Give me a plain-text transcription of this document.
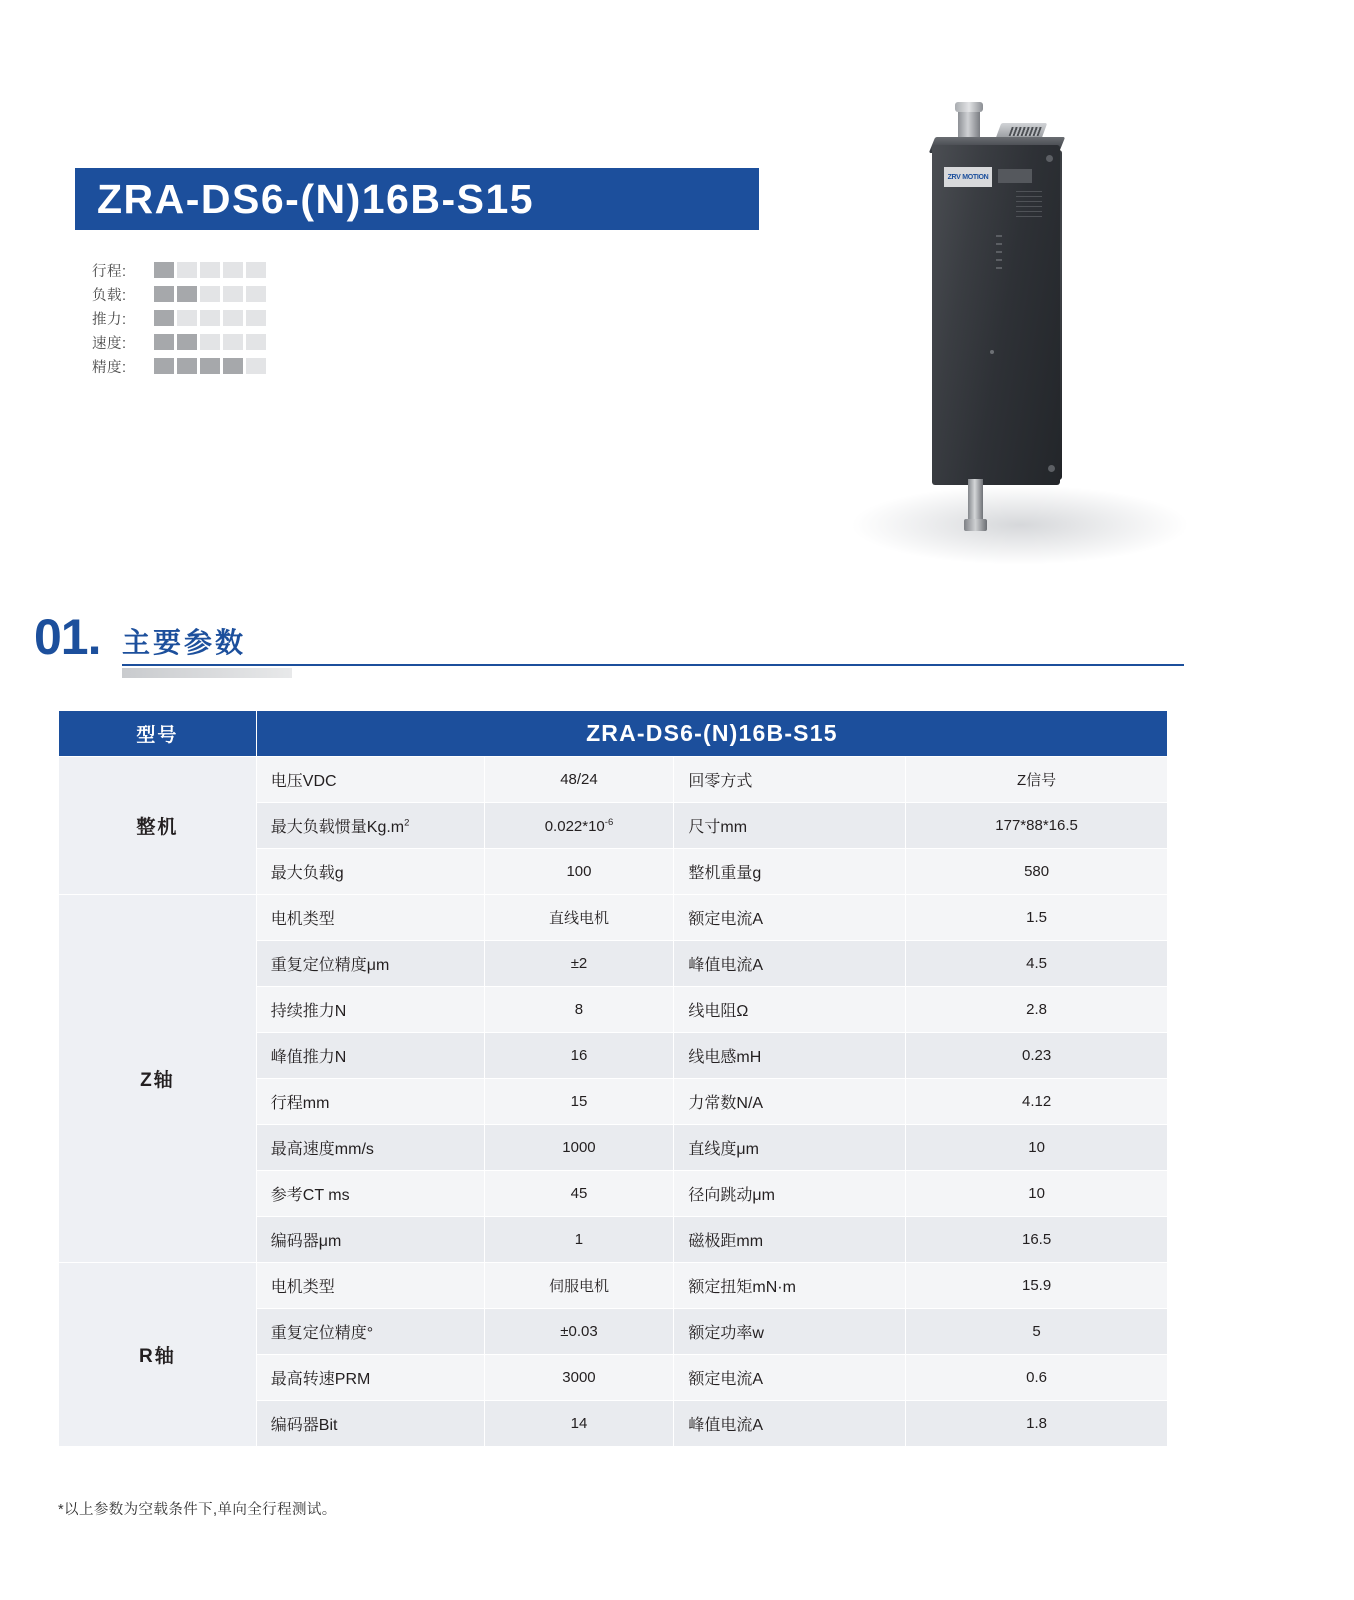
ZRA-DS6-(N)16B-S15
行程:
负载:
推力:
速度:
精度:
ZRV MOTION
01. 主要参数
型号	ZRA-DS6-(N)16B-S15			
整机	电压VDC	48/24	回零方式	Z信号
	最大负载惯量$Kg.m^2$	$0.022*10^{-6}$	尺寸mm	177*88*16.5
	最大负载g	100	整机重量g	580
Z轴	电机类型	直线电机	额定电流A	1.5
	重复定位精度μm	±2	峰值电流A	4.5
	持续推力N	8	线电阻Ω	2.8
	峰值推力N	16	线电感mH	0.23
	行程mm	15	力常数N/A	4.12
	最高速度mm/s	1000	直线度μm	10
	参考CT ms	45	径向跳动μm	10
	编码器μm	1	磁极距mm	16.5
R轴	电机类型	伺服电机	额定扭矩mN·m	15.9
	重复定位精度°	±0.03	额定功率w	5
	最高转速PRM	3000	额定电流A	0.6
	编码器Bit	14	峰值电流A	1.8
*以上参数为空载条件下,单向全行程测试。
